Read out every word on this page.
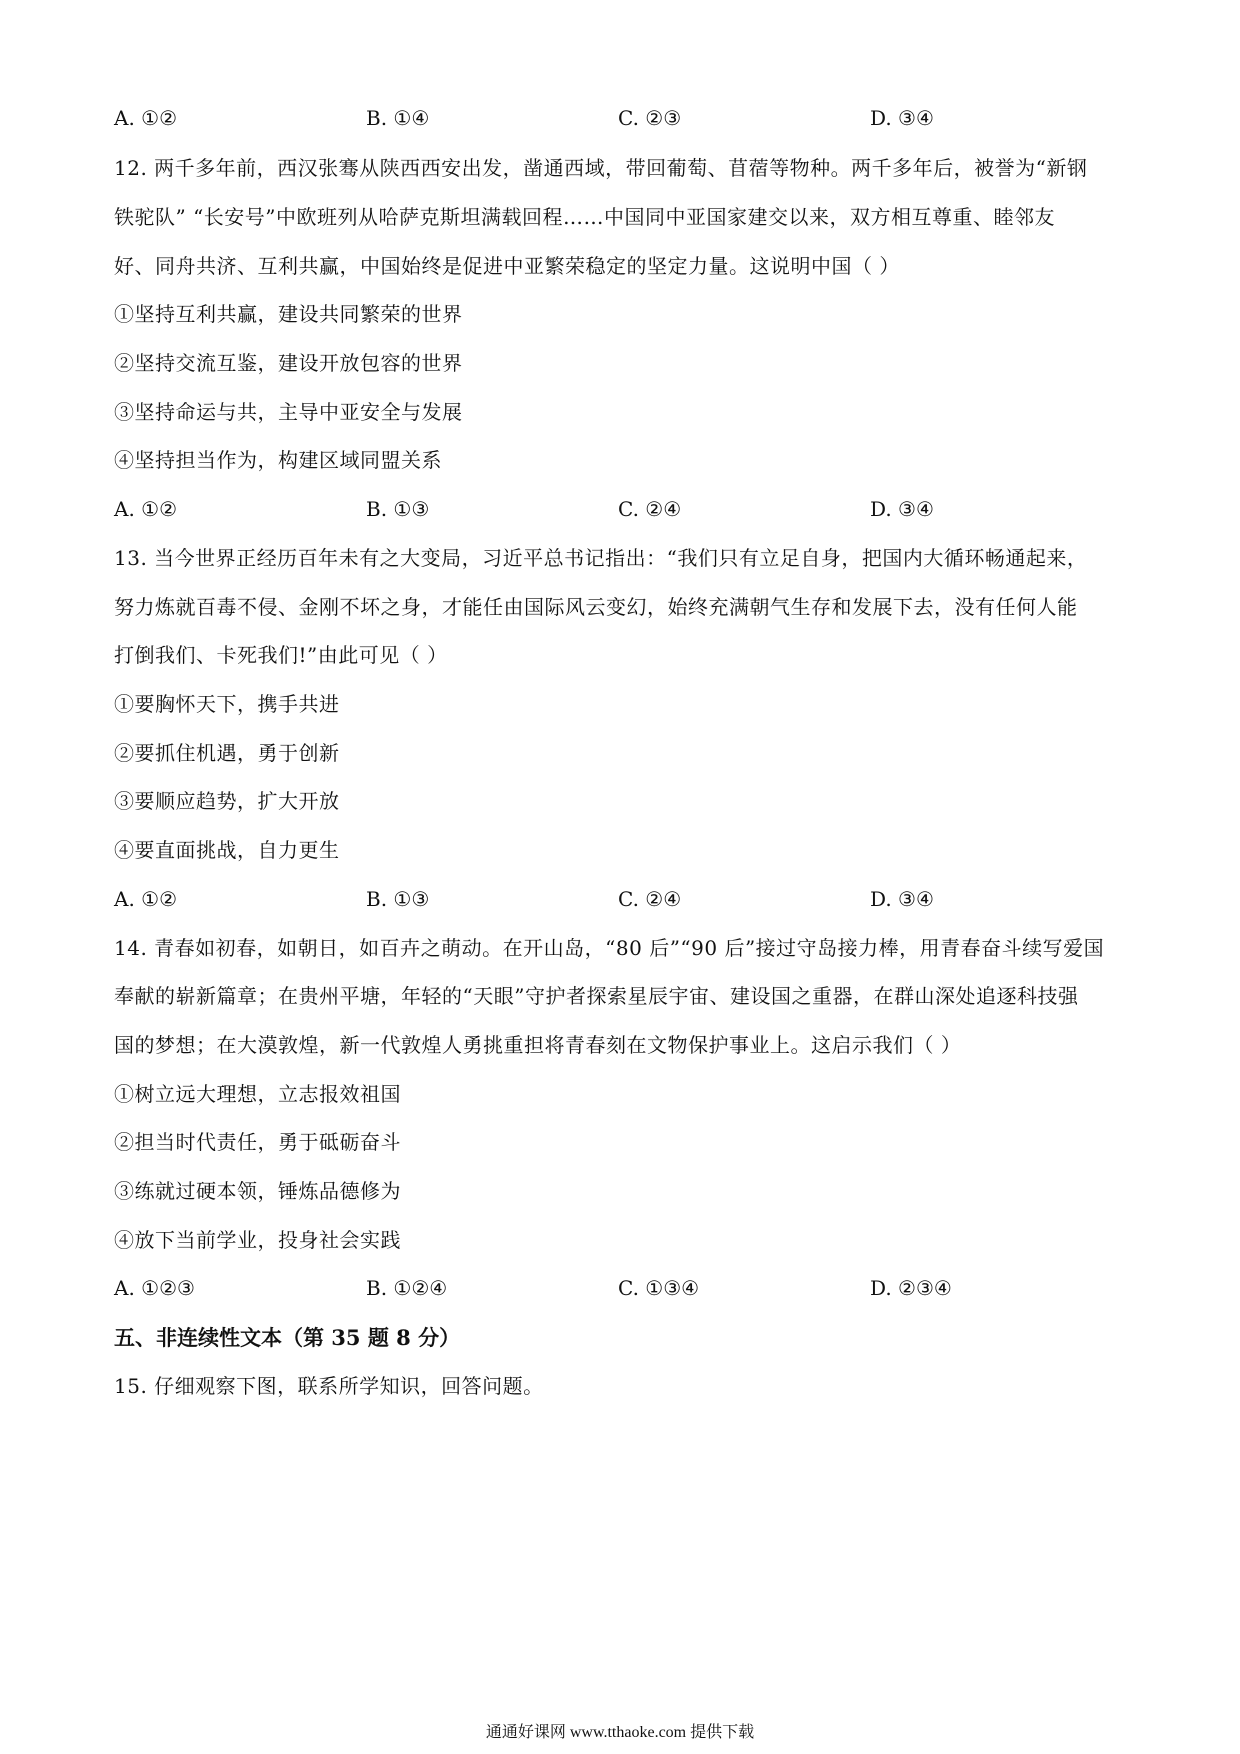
A. ①②	B. ①④	C. ②③	D. ③④
12. 两千多年前，西汉张骞从陕西西安出发，凿通西域，带回葡萄、苜蓿等物种。两千多年后，被誉为“新钢
铁驼队” “长安号”中欧班列从哈萨克斯坦满载回程……中国同中亚国家建交以来，双方相互尊重、睦邻友
好、同舟共济、互利共赢，中国始终是促进中亚繁荣稳定的坚定力量。这说明中国（ ）
①坚持互利共赢，建设共同繁荣的世界
②坚持交流互鉴，建设开放包容的世界
③坚持命运与共，主导中亚安全与发展
④坚持担当作为，构建区域同盟关系
A. ①②	B. ①③	C. ②④	D. ③④
13. 当今世界正经历百年未有之大变局，习近平总书记指出：“我们只有立足自身，把国内大循环畅通起来，
努力炼就百毒不侵、金刚不坏之身，才能任由国际风云变幻，始终充满朝气生存和发展下去，没有任何人能
打倒我们、卡死我们!”由此可见（ ）
①要胸怀天下，携手共进
②要抓住机遇，勇于创新
③要顺应趋势，扩大开放
④要直面挑战，自力更生
A. ①②	B. ①③	C. ②④	D. ③④
14. 青春如初春，如朝日，如百卉之萌动。在开山岛，“80 后”“90 后”接过守岛接力棒，用青春奋斗续写爱国
奉献的崭新篇章；在贵州平塘，年轻的“天眼”守护者探索星辰宇宙、建设国之重器，在群山深处追逐科技强
国的梦想；在大漠敦煌，新一代敦煌人勇挑重担将青春刻在文物保护事业上。这启示我们（ ）
①树立远大理想，立志报效祖国
②担当时代责任，勇于砥砺奋斗
③练就过硬本领，锤炼品德修为
④放下当前学业，投身社会实践
A. ①②③	B. ①②④	C. ①③④	D. ②③④
五、非连续性文本（第 35 题 8 分）
15. 仔细观察下图，联系所学知识，回答问题。
通通好课网 www.tthaoke.com 提供下载
